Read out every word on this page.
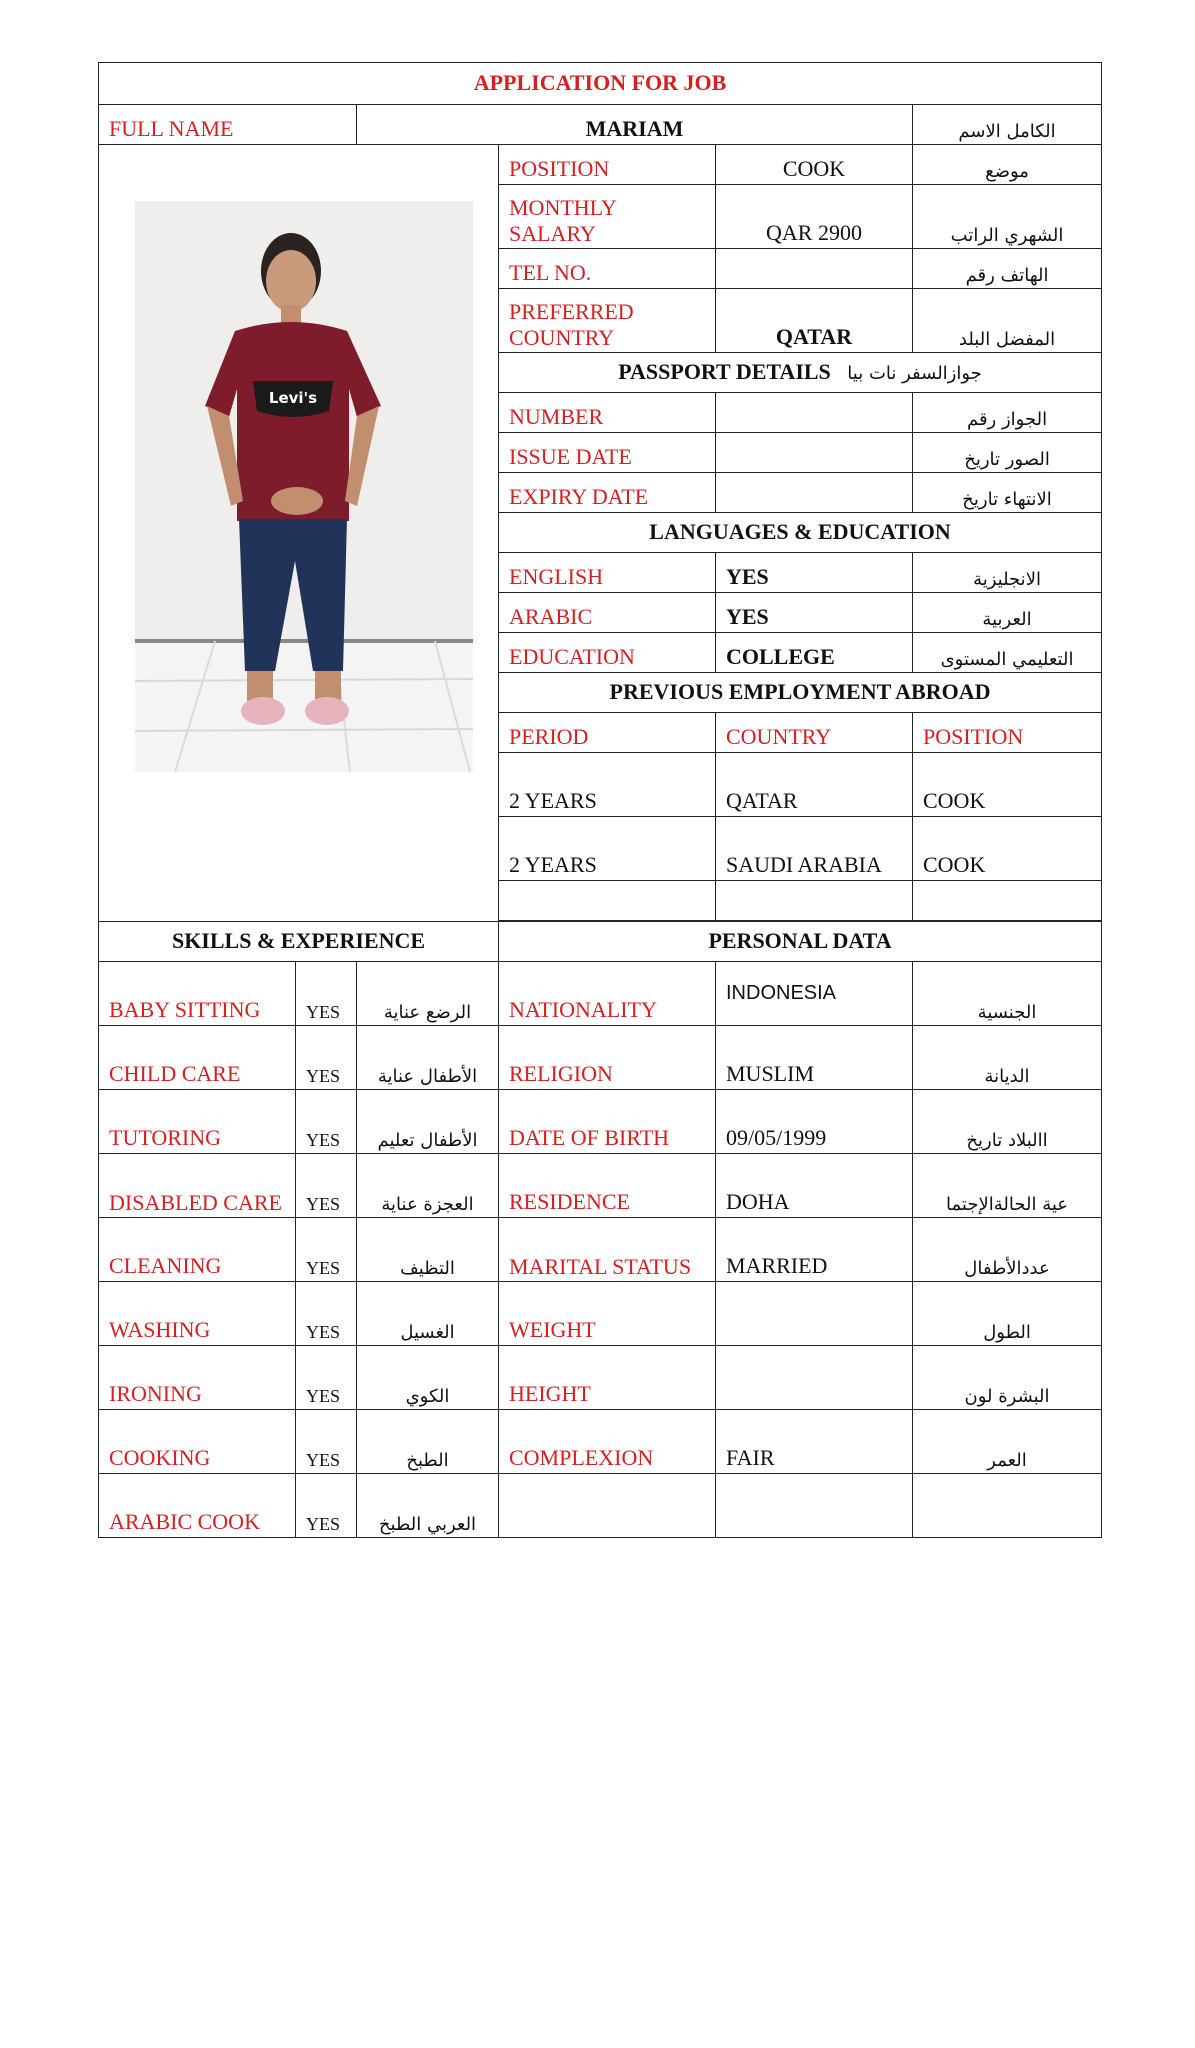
APPLICATION FOR JOB					
FULL NAME		MARIAM			الكامل الاسم

Levi's			POSITION	COOK	موضع
			MONTHLY SALARY	QAR 2900	الشهري الراتب
			TEL NO.		الهاتف رقم
			PREFERRED COUNTRY	QATAR	المفضل البلد
			PASSPORT DETAILS جوازالسفر نات بيا		
			NUMBER		الجواز رقم
			ISSUE DATE		الصور تاريخ
			EXPIRY DATE		الانتهاء تاريخ
			LANGUAGES & EDUCATION		
			ENGLISH	YES	الانجليزية
			ARABIC	YES	العربية
			EDUCATION	COLLEGE	التعليمي المستوى
			PREVIOUS EMPLOYMENT ABROAD		
			PERIOD	COUNTRY	POSITION
			2 YEARS	QATAR	COOK
			2 YEARS	SAUDI ARABIA	COOK

SKILLS & EXPERIENCE			PERSONAL DATA		
BABY SITTING	YES	الرضع عناية	NATIONALITY	INDONESIA	الجنسية
CHILD CARE	YES	الأطفال عناية	RELIGION	MUSLIM	الديانة
TUTORING	YES	الأطفال تعليم	DATE OF BIRTH	09/05/1999	االبلاد تاريخ
DISABLED CARE	YES	العجزة عناية	RESIDENCE	DOHA	عية الحالةالإجتما
CLEANING	YES	التظيف	MARITAL STATUS	MARRIED	عددالأطفال
WASHING	YES	الغسيل	WEIGHT		الطول
IRONING	YES	الكوي	HEIGHT		البشرة لون
COOKING	YES	الطبخ	COMPLEXION	FAIR	العمر
ARABIC COOK	YES	العربي الطبخ			
